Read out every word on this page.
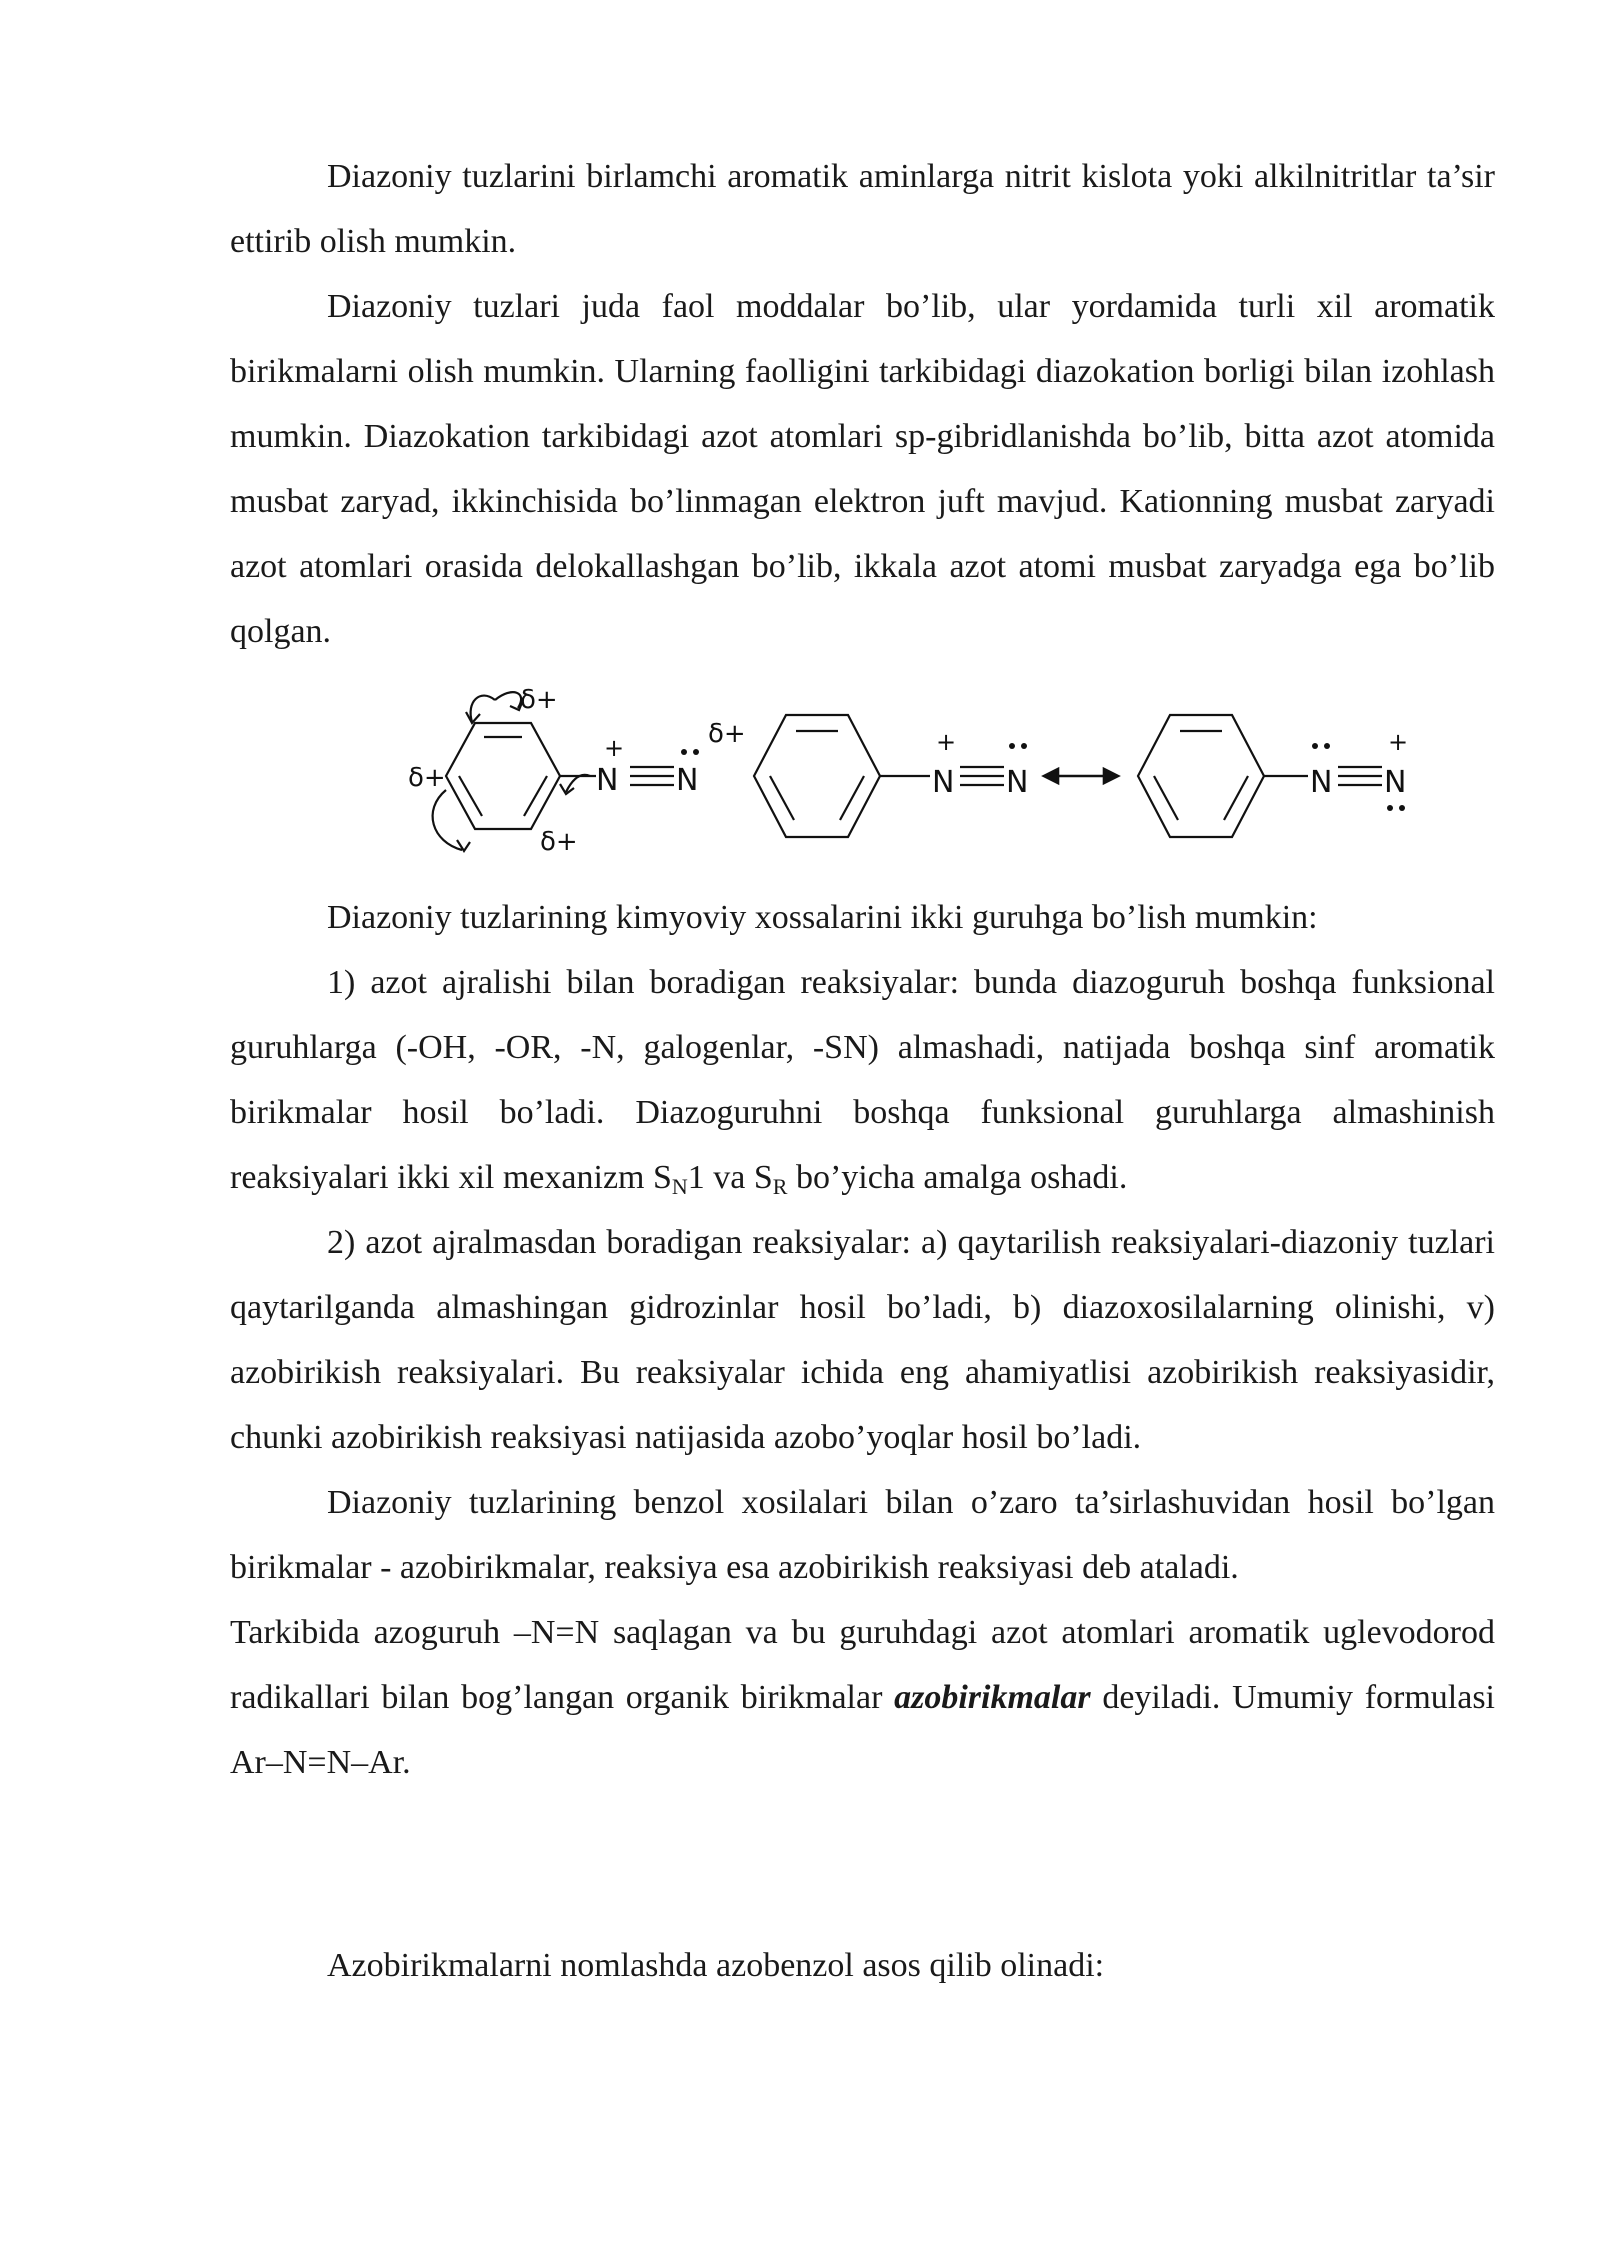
Diazoniy tuzlarini birlamchi aromatik aminlarga nitrit kislota yoki alkilnitritlar ta’sir ettirib olish mumkin.

Diazoniy tuzlari juda faol moddalar bo’lib, ular yordamida turli xil aromatik birikmalarni olish mumkin. Ularning faolligini tarkibidagi diazokation borligi bilan izohlash mumkin. Diazokation tarkibidagi azot atomlari sp-gibridlanishda bo’lib, bitta azot atomida musbat zaryad, ikkinchisida bo’linmagan elektron juft mavjud. Kationning musbat zaryadi azot atomlari orasida delokallashgan bo’lib, ikkala azot atomi musbat zaryadga ega bo’lib qolgan.

δ+
δ+
δ+
N
+
N
δ+
N
+
N	N N
+

Diazoniy tuzlarining kimyoviy xossalarini ikki guruhga bo’lish mumkin:

1) azot ajralishi bilan boradigan reaksiyalar: bunda diazoguruh boshqa funksional guruhlarga (-OH, -OR, -N, galogenlar, -SN) almashadi, natijada boshqa sinf aromatik birikmalar hosil bo’ladi. Diazoguruhni boshqa funksional guruhlarga almashinish reaksiyalari ikki xil mexanizm $S_N1$ va $S_R$ bo’yicha amalga oshadi.

2) azot ajralmasdan boradigan reaksiyalar: a) qaytarilish reaksiyalari-diazoniy tuzlari qaytarilganda almashingan gidrozinlar hosil bo’ladi, b) diazoxosilalarning olinishi, v) azobirikish reaksiyalari. Bu reaksiyalar ichida eng ahamiyatlisi azobirikish reaksiyasidir, chunki azobirikish reaksiyasi natijasida azobo’yoqlar hosil bo’ladi.

Diazoniy tuzlarining benzol xosilalari bilan o’zaro ta’sirlashuvidan hosil bo’lgan birikmalar - azobirikmalar, reaksiya esa azobirikish reaksiyasi deb ataladi.

Tarkibida azoguruh –N=N saqlagan va bu guruhdagi azot atomlari aromatik uglevodorod radikallari bilan bog’langan organik birikmalar azobirikmalar deyiladi. Umumiy formulasi Ar–N=N–Ar.

Azobirikmalarni nomlashda azobenzol asos qilib olinadi:
